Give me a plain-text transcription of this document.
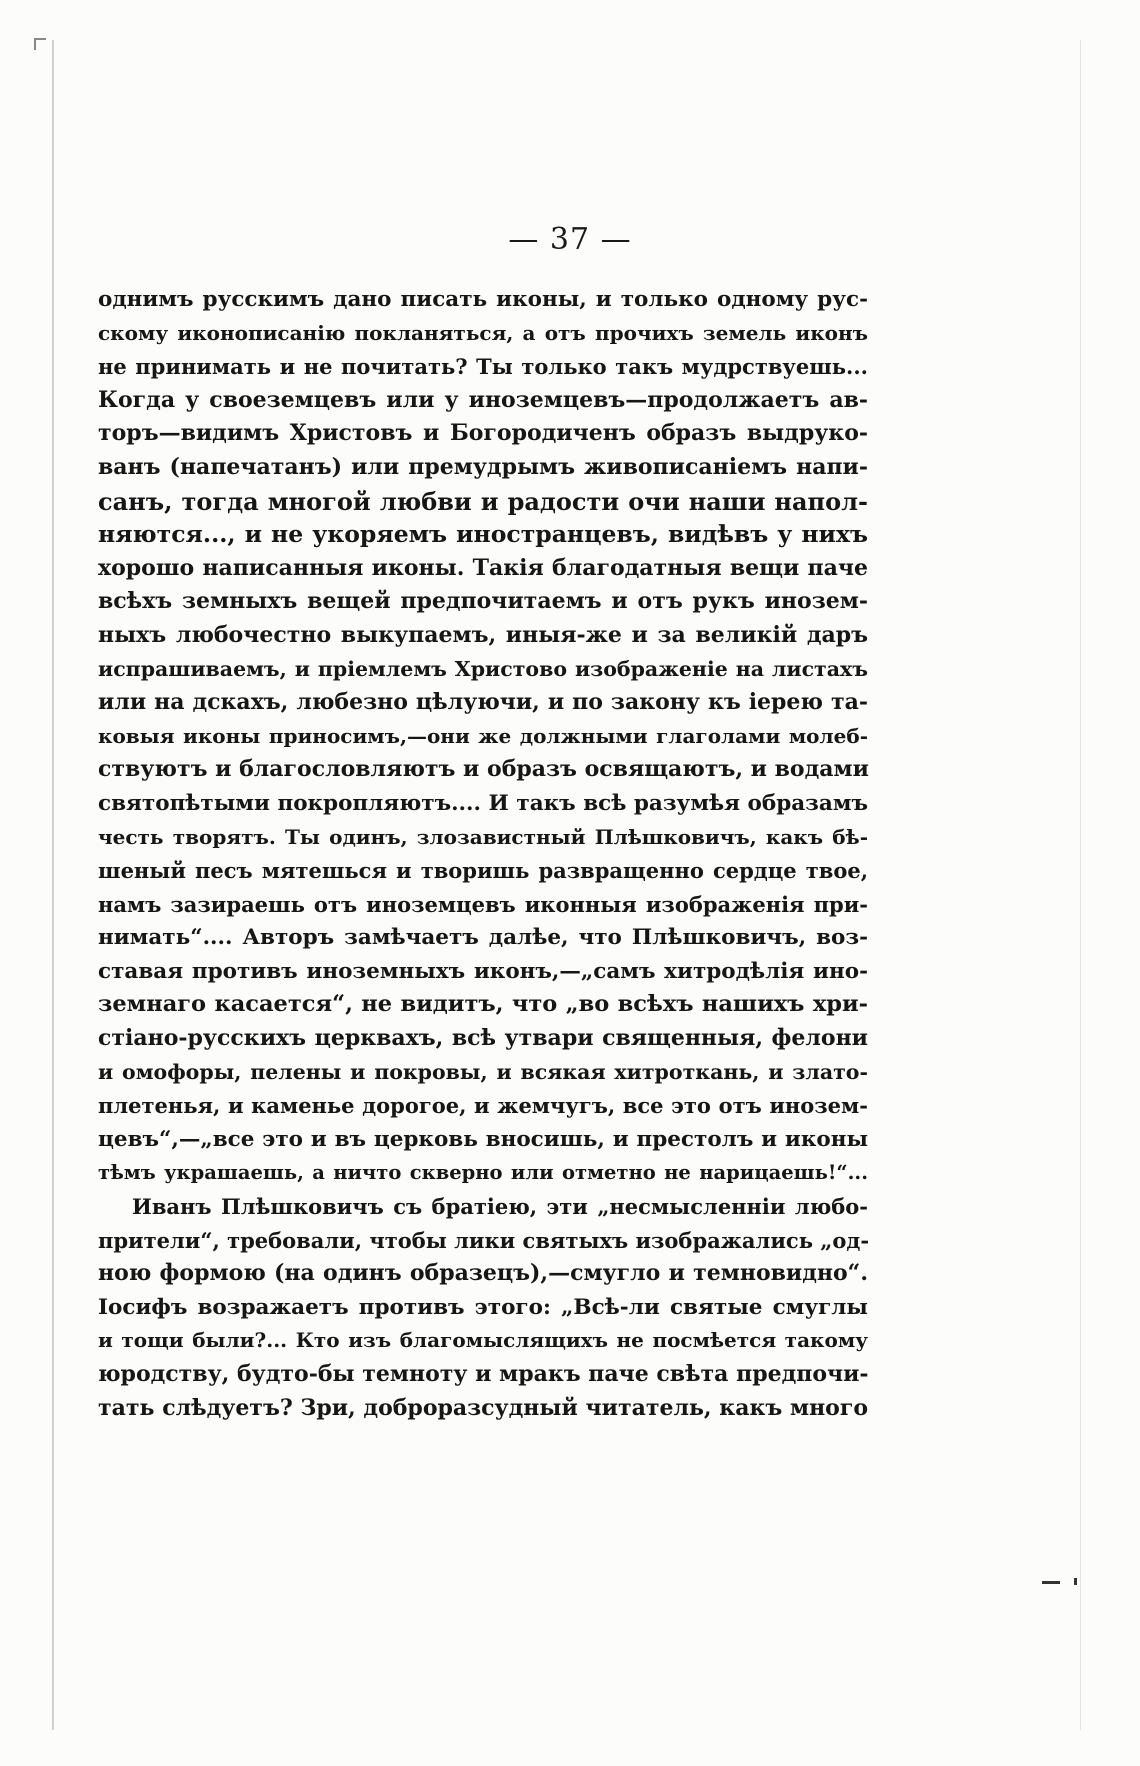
— 37 —
однимъ русскимъ дано писать иконы, и только одному рус-
скому иконописанію покланяться, а отъ прочихъ земель иконъ
не принимать и не почитать? Ты только такъ мудрствуешь...
Когда у своеземцевъ или у иноземцевъ—продолжаетъ ав-
торъ—видимъ Христовъ и Богородиченъ образъ выдруко-
ванъ (напечатанъ) или премудрымъ живописаніемъ напи-
санъ, тогда многой любви и радости очи наши напол-
няются..., и не укоряемъ иностранцевъ, видѣвъ у нихъ
хорошо написанныя иконы. Такія благодатныя вещи паче
всѣхъ земныхъ вещей предпочитаемъ и отъ рукъ инозем-
ныхъ любочестно выкупаемъ, иныя-же и за великій даръ
испрашиваемъ, и пріемлемъ Христово изображеніе на листахъ
или на дскахъ, любезно цѣлуючи, и по закону къ іерею та-
ковыя иконы приносимъ,—они же должными глаголами молеб-
ствуютъ и благословляютъ и образъ освящаютъ, и водами
святопѣтыми покропляютъ.... И такъ всѣ разумѣя образамъ
честь творятъ. Ты одинъ, злозавистный Плѣшковичъ, какъ бѣ-
шеный песъ мятешься и творишь развращенно сердце твое,
намъ зазираешь отъ иноземцевъ иконныя изображенія при-
нимать“.... Авторъ замѣчаетъ далѣе, что Плѣшковичъ, воз-
ставая противъ иноземныхъ иконъ,—„самъ хитродѣлія ино-
земнаго касается“, не видитъ, что „во всѣхъ нашихъ хри-
стіано-русскихъ церквахъ, всѣ утвари священныя, фелони
и омофоры, пелены и покровы, и всякая хитроткань, и злато-
плетенья, и каменье дорогое, и жемчугъ, все это отъ инозем-
цевъ“,—„все это и въ церковь вносишь, и престолъ и иконы
тѣмъ украшаешь, а ничто скверно или отметно не нарицаешь!“...
Иванъ Плѣшковичъ съ братіею, эти „несмысленніи любо-
прители“, требовали, чтобы лики святыхъ изображались „од-
ною формою (на одинъ образецъ),—смугло и темновидно“.
Іосифъ возражаетъ противъ этого: „Всѣ-ли святые смуглы
и тощи были?... Кто изъ благомыслящихъ не посмѣется такому
юродству, будто-бы темноту и мракъ паче свѣта предпочи-
тать слѣдуетъ? Зри, доброразсудный читатель, какъ много
